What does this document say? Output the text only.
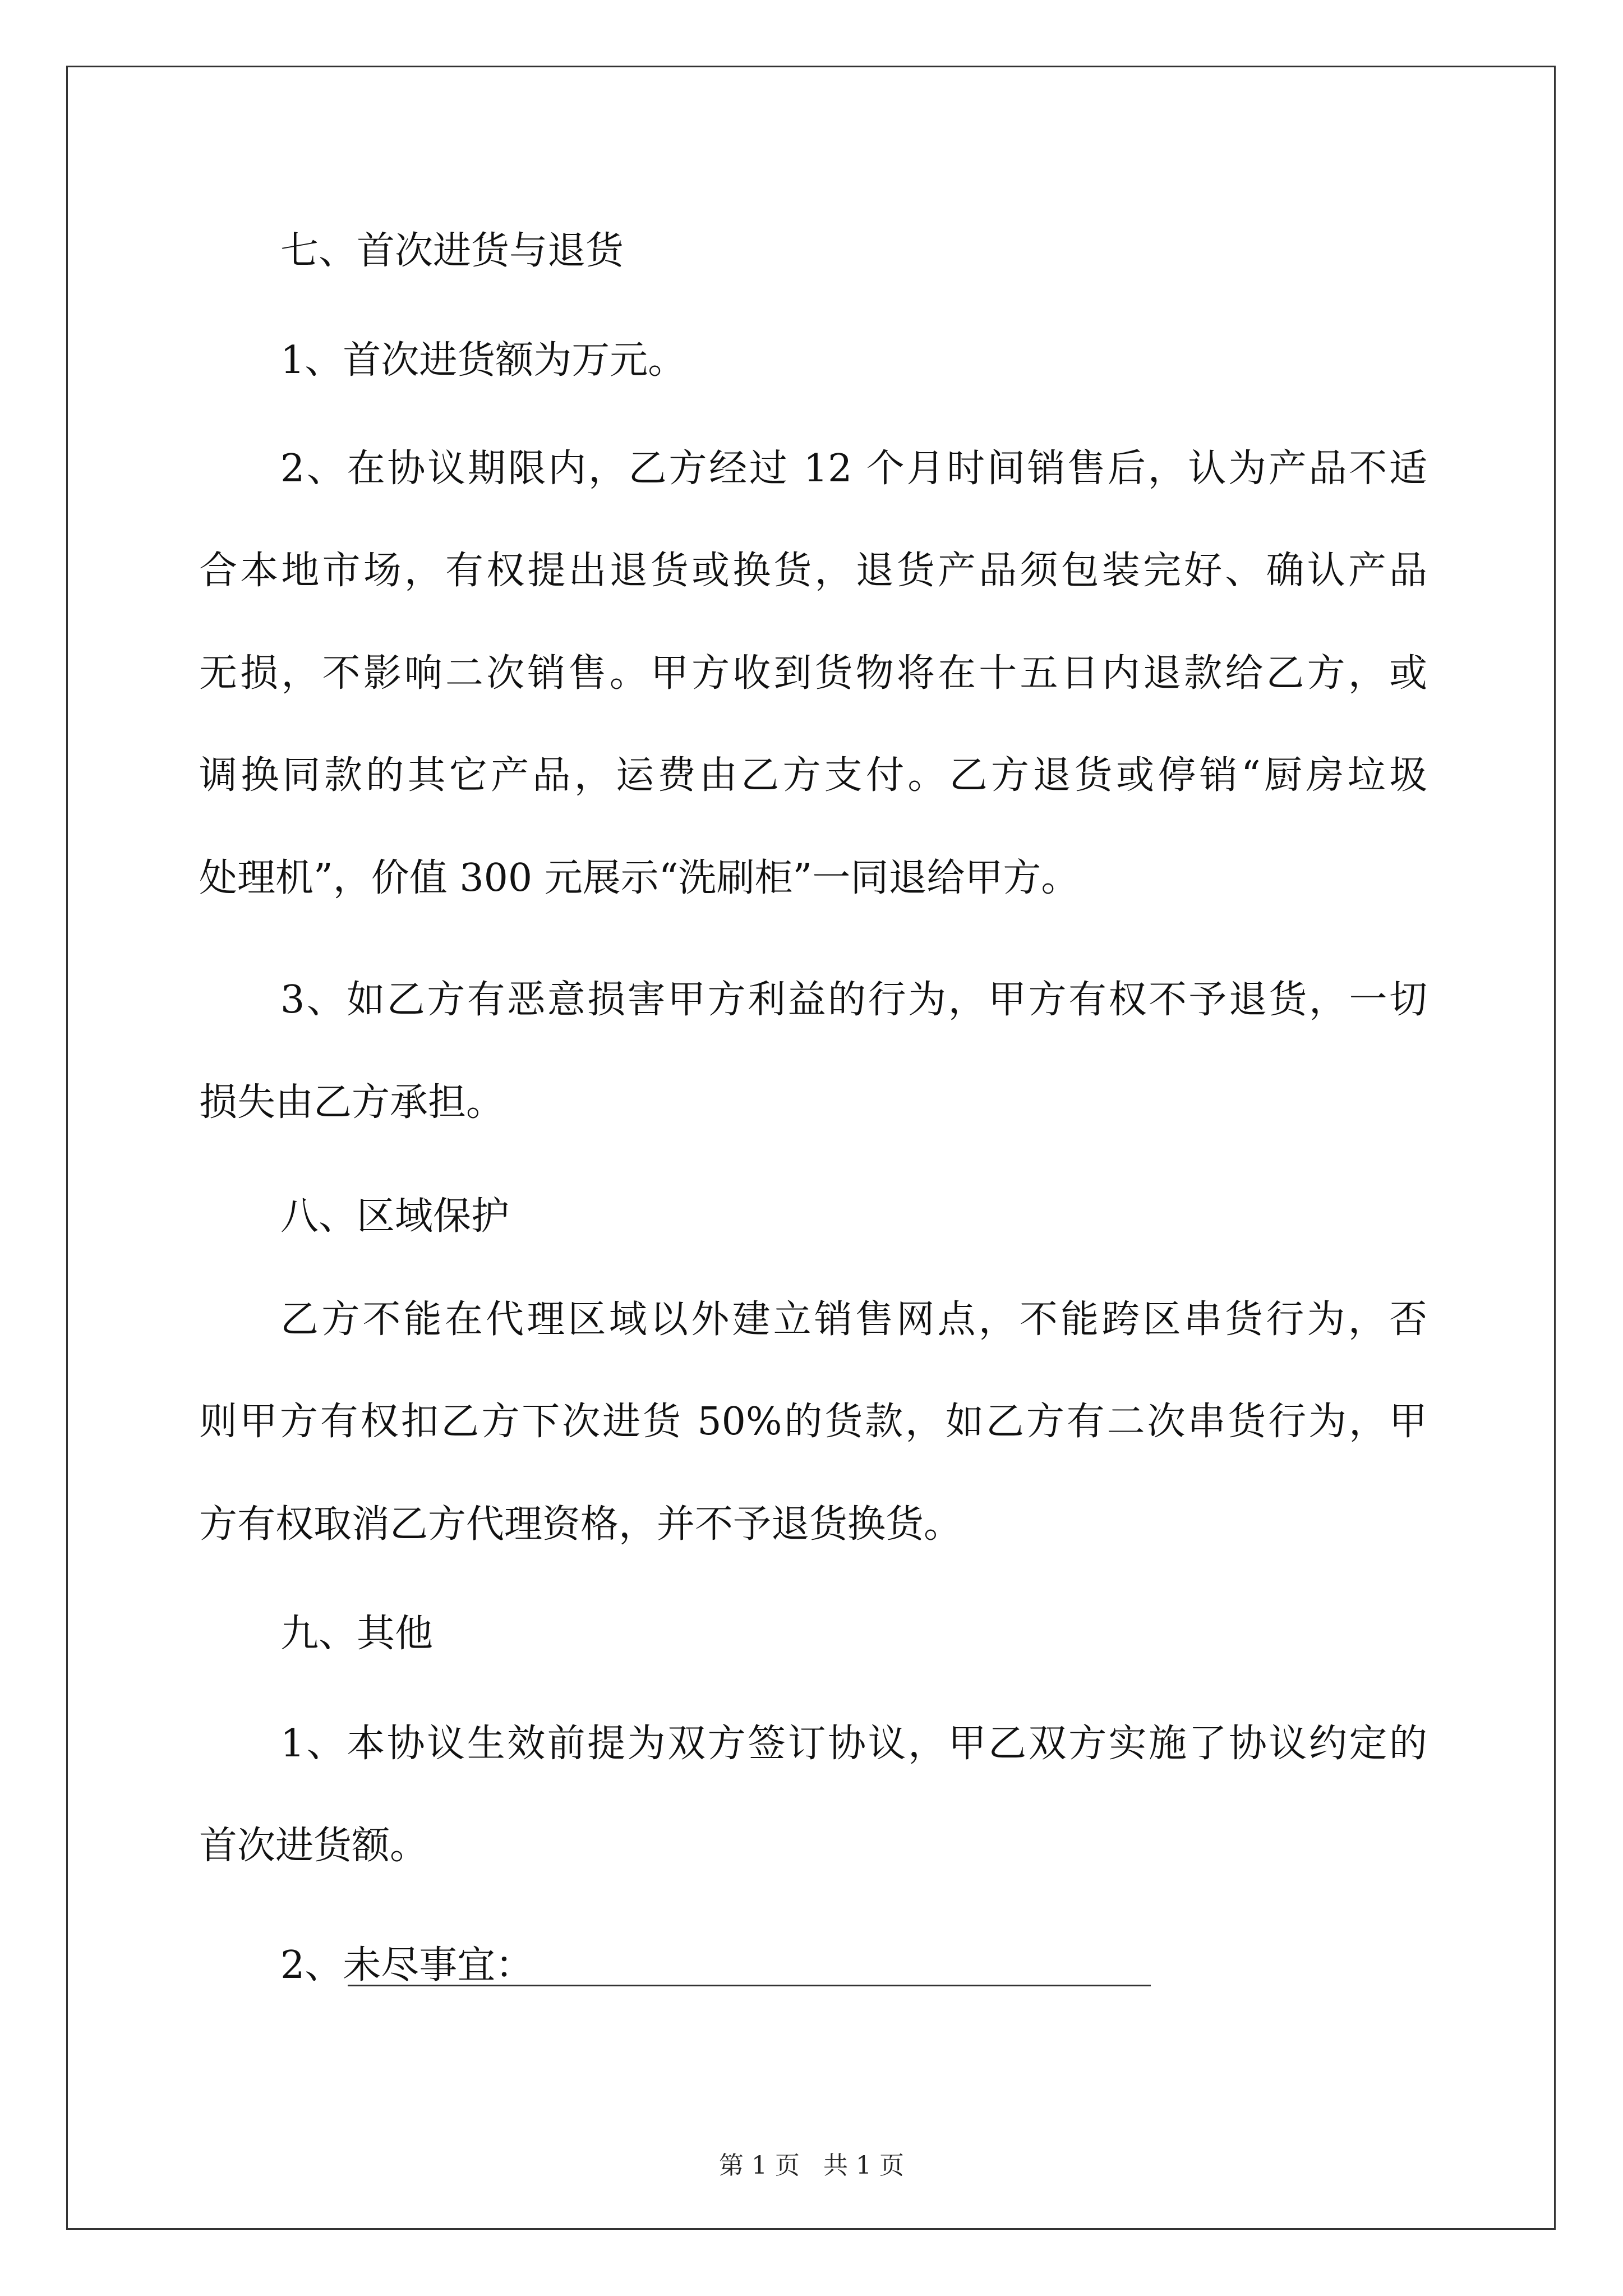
七、首次进货与退货
1、首次进货额为万元。
2、在协议期限内，乙方经过 12 个月时间销售后，认为产品不适
合本地市场，有权提出退货或换货，退货产品须包装完好、确认产品
无损，不影响二次销售。甲方收到货物将在十五日内退款给乙方，或
调换同款的其它产品，运费由乙方支付。乙方退货或停销“厨房垃圾
处理机”，价值 300 元展示“洗刷柜”一同退给甲方。
3、如乙方有恶意损害甲方利益的行为，甲方有权不予退货，一切
损失由乙方承担。
八、区域保护
乙方不能在代理区域以外建立销售网点，不能跨区串货行为，否
则甲方有权扣乙方下次进货 50%的货款，如乙方有二次串货行为，甲
方有权取消乙方代理资格，并不予退货换货。
九、其他
1、本协议生效前提为双方签订协议，甲乙双方实施了协议约定的
首次进货额。
2、未尽事宜：
第 1 页   共 1 页
